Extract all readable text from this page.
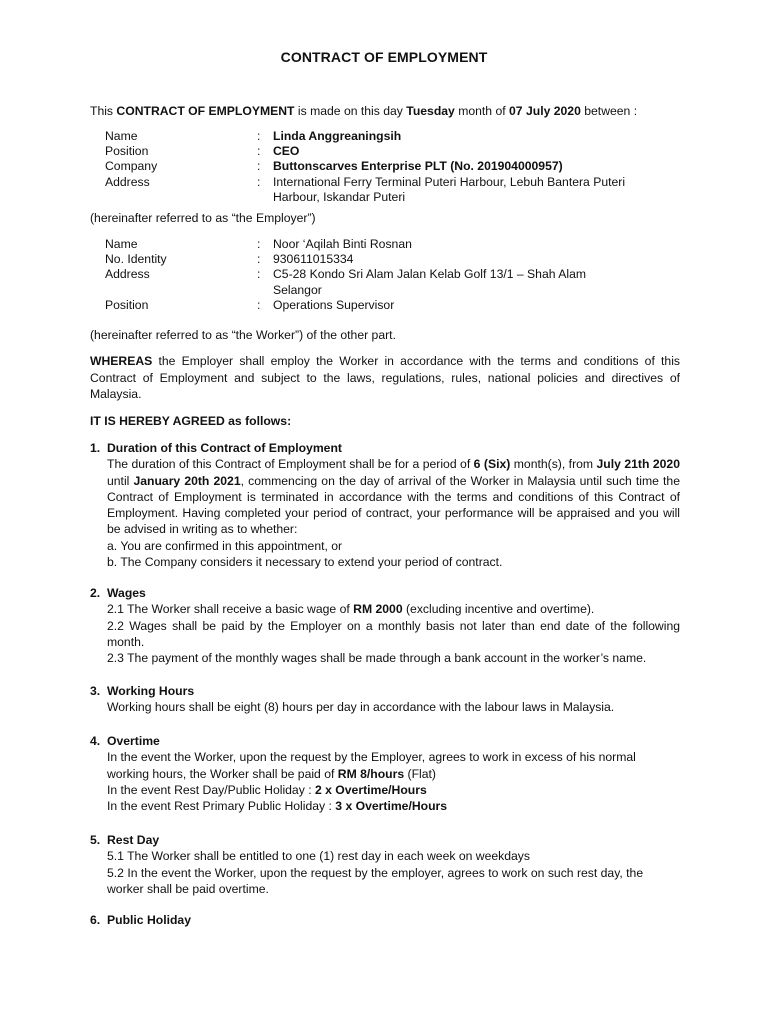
CONTRACT OF EMPLOYMENT
This CONTRACT OF EMPLOYMENT is made on this day Tuesday month of 07 July 2020 between :
Name	:	Linda Anggreaningsih
Position	:	CEO
Company	:	Buttonscarves Enterprise PLT (No. 201904000957)
Address	:	International Ferry Terminal Puteri Harbour, Lebuh Bantera Puteri Harbour, Iskandar Puteri
(hereinafter referred to as “the Employer”)
Name	:	Noor ‘Aqilah Binti Rosnan
No. Identity	:	930611015334
Address	:	C5-28 Kondo Sri Alam Jalan Kelab Golf 13/1 – Shah Alam Selangor
Position	:	Operations Supervisor
(hereinafter referred to as “the Worker”) of the other part.
WHEREAS the Employer shall employ the Worker in accordance with the terms and conditions of this Contract of Employment and subject to the laws, regulations, rules, national policies and directives of Malaysia.
IT IS HEREBY AGREED as follows:
1. Duration of this Contract of Employment
The duration of this Contract of Employment shall be for a period of 6 (Six) month(s), from July 21th 2020 until January 20th 2021, commencing on the day of arrival of the Worker in Malaysia until such time the Contract of Employment is terminated in accordance with the terms and conditions of this Contract of Employment. Having completed your period of contract, your performance will be appraised and you will be advised in writing as to whether:
a. You are confirmed in this appointment, or
b. The Company considers it necessary to extend your period of contract.
2. Wages
2.1 The Worker shall receive a basic wage of RM 2000 (excluding incentive and overtime).
2.2 Wages shall be paid by the Employer on a monthly basis not later than end date of the following month.
2.3 The payment of the monthly wages shall be made through a bank account in the worker’s name.
3. Working Hours
Working hours shall be eight (8) hours per day in accordance with the labour laws in Malaysia.
4. Overtime
In the event the Worker, upon the request by the Employer, agrees to work in excess of his normal working hours, the Worker shall be paid of RM 8/hours (Flat)
In the event Rest Day/Public Holiday : 2 x Overtime/Hours
In the event Rest Primary Public Holiday : 3 x Overtime/Hours
5. Rest Day
5.1 The Worker shall be entitled to one (1) rest day in each week on weekdays
5.2 In the event the Worker, upon the request by the employer, agrees to work on such rest day, the worker shall be paid overtime.
6. Public Holiday
